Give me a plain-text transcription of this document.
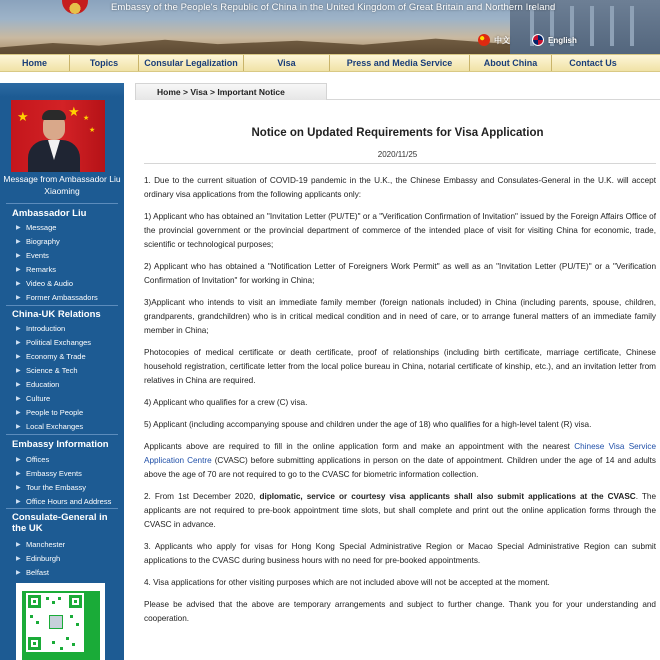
Embassy of the People's Republic of China in the United Kingdom of Great Britain and Northern Ireland
中文	English
Home	Topics	Consular Legalization	Visa	Press and Media Service	About China	Contact Us
★ ★
★
★
Message from Ambassador Liu Xiaoming
Ambassador Liu
▶ Message
▶ Biography
▶ Events
▶ Remarks
▶ Video & Audio
▶ Former Ambassadors
China-UK Relations
▶ Introduction
▶ Political Exchanges
▶ Economy & Trade
▶ Science & Tech
▶ Education
▶ Culture
▶ People to People
▶ Local Exchanges
Embassy Information
▶ Offices
▶ Embassy Events
▶ Tour the Embassy
▶ Office Hours and Address
Consulate-General in the UK
▶ Manchester
▶ Edinburgh
▶ Belfast
Home > Visa > Important Notice
Notice on Updated Requirements for Visa Application
2020/11/25

1. Due to the current situation of COVID-19 pandemic in the U.K., the Chinese Embassy and Consulates-General in the U.K. will accept ordinary visa applications from the following applicants only:

1) Applicant who has obtained an "Invitation Letter (PU/TE)" or a "Verification Confirmation of Invitation" issued by the Foreign Affairs Office of the provincial government or the provincial department of commerce of the intended place of visit for visiting China for economic, trade, scientific or technological purposes;

2) Applicant who has obtained a "Notification Letter of Foreigners Work Permit" as well as an "Invitation Letter (PU/TE)" or a "Verification Confirmation of Invitation" for working in China;

3)Applicant who intends to visit an immediate family member (foreign nationals included) in China (including parents, spouse, children, grandparents, grandchildren) who is in critical medical condition and in need of care, or to arrange funeral matters of an immediate family member in China;

Photocopies of medical certificate or death certificate, proof of relationships (including birth certificate, marriage certificate, Chinese household registration, certificate letter from the local police bureau in China, notarial certificate of kinship, etc.), and an invitation letter from relatives in China are required.

4) Applicant who qualifies for a crew (C) visa.

5) Applicant (including accompanying spouse and children under the age of 18) who qualifies for a high-level talent (R) visa.

Applicants above are required to fill in the online application form and make an appointment with the nearest Chinese Visa Service Application Centre (CVASC) before submitting applications in person on the date of appointment. Children under the age of 14 and adults above the age of 70 are not required to go to the CVASC for biometric information collection.

2. From 1st December 2020, diplomatic, service or courtesy visa applicants shall also submit applications at the CVASC. The applicants are not required to pre-book appointment time slots, but shall complete and print out the online application forms through the CVASC in advance.

3. Applicants who apply for visas for Hong Kong Special Administrative Region or Macao Special Administrative Region can submit applications to the CVASC during business hours with no need for pre-booked appointments.

4. Visa applications for other visiting purposes which are not included above will not be accepted at the moment.

Please be advised that the above are temporary arrangements and subject to further change. Thank you for your understanding and cooperation.
